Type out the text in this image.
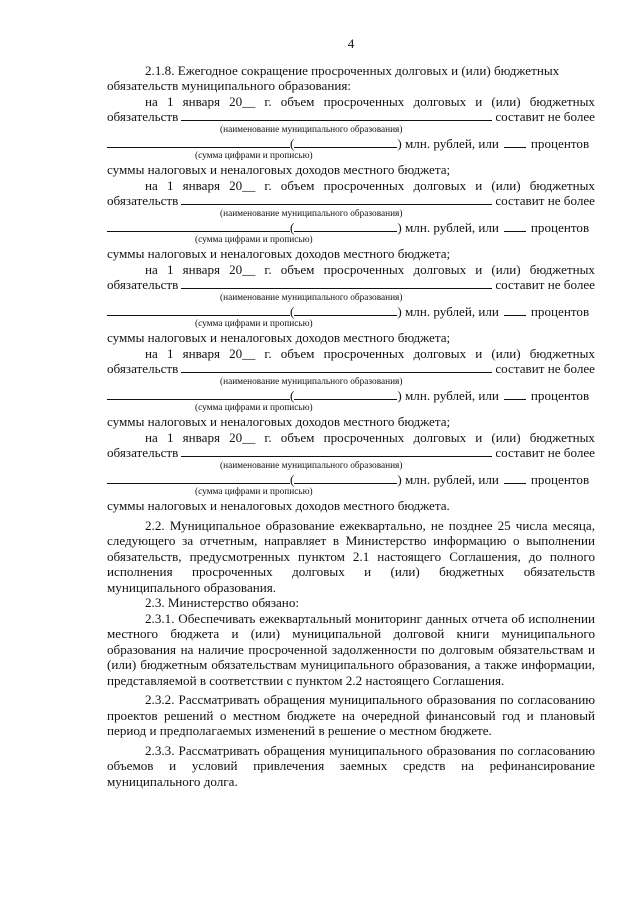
4
2.1.8. Ежегодное сокращение просроченных долговых и (или) бюджетных
обязательств муниципального образования:
на 1 января 20__ г. объем просроченных долговых и (или) бюджетных
обязательств	составит не более
(наименование муниципального образования)
(	) млн. рублей, или процентов
(сумма цифрами и прописью)
суммы налоговых и неналоговых доходов местного бюджета;
на 1 января 20__ г. объем просроченных долговых и (или) бюджетных
обязательств	составит не более
(наименование муниципального образования)
(	) млн. рублей, или процентов
(сумма цифрами и прописью)
суммы налоговых и неналоговых доходов местного бюджета;
на 1 января 20__ г. объем просроченных долговых и (или) бюджетных
обязательств	составит не более
(наименование муниципального образования)
(	) млн. рублей, или процентов
(сумма цифрами и прописью)
суммы налоговых и неналоговых доходов местного бюджета;
на 1 января 20__ г. объем просроченных долговых и (или) бюджетных
обязательств	составит не более
(наименование муниципального образования)
(	) млн. рублей, или процентов
(сумма цифрами и прописью)
суммы налоговых и неналоговых доходов местного бюджета;
на 1 января 20__ г. объем просроченных долговых и (или) бюджетных
обязательств	составит не более
(наименование муниципального образования)
(	) млн. рублей, или процентов
(сумма цифрами и прописью)
суммы налоговых и неналоговых доходов местного бюджета.
2.2. Муниципальное образование ежеквартально, не позднее 25 числа месяца, следующего за отчетным, направляет в Министерство информацию о выполнении обязательств, предусмотренных пунктом 2.1 настоящего Соглашения, до полного исполнения просроченных долговых и (или) бюджетных обязательств муниципального образования.
2.3. Министерство обязано:
2.3.1. Обеспечивать ежеквартальный мониторинг данных отчета об исполнении местного бюджета и (или) муниципальной долговой книги муниципального образования на наличие просроченной задолженности по долговым обязательствам и (или) бюджетным обязательствам муниципального образования, а также информации, представляемой в соответствии с пунктом 2.2 настоящего Соглашения.
2.3.2. Рассматривать обращения муниципального образования по согласованию проектов решений о местном бюджете на очередной финансовый год и плановый период и предполагаемых изменений в решение о местном бюджете.
2.3.3. Рассматривать обращения муниципального образования по согласованию объемов и условий привлечения заемных средств на рефинансирование муниципального долга.
